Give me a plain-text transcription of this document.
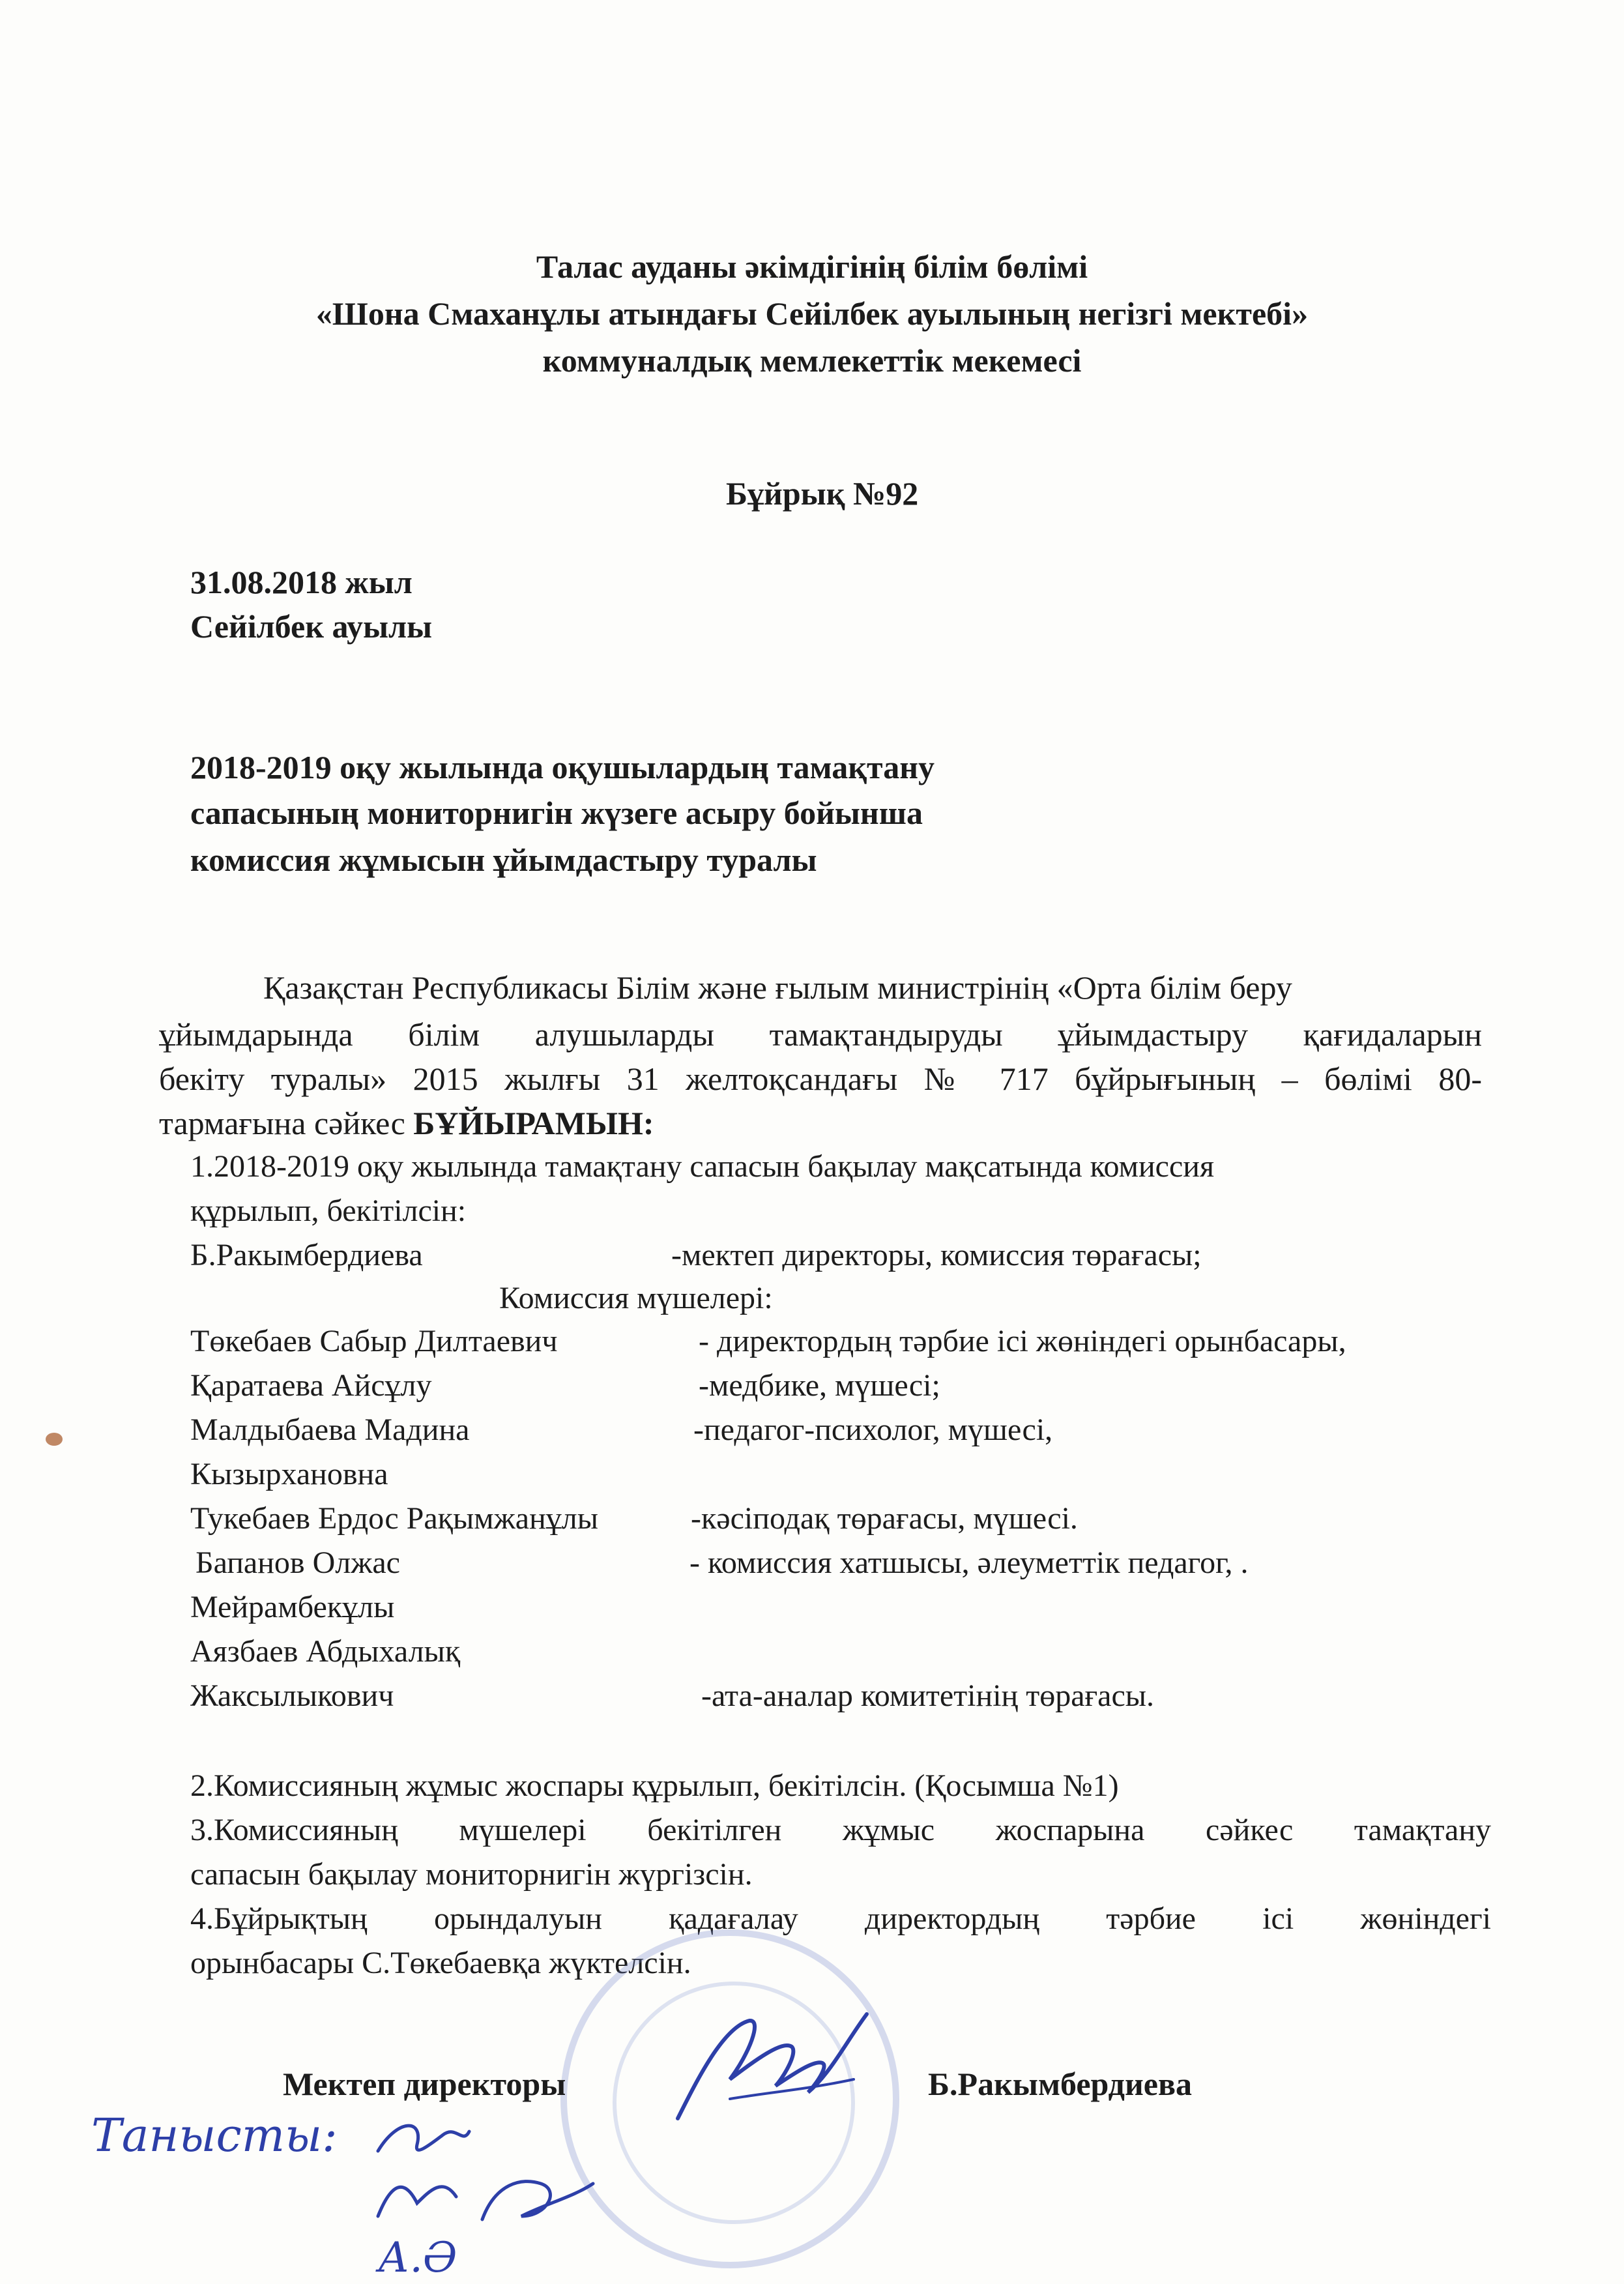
Талас ауданы әкімдігінің білім бөлімі
«Шона Смаханұлы атындағы Сейілбек ауылының негізгі мектебі»
коммуналдық мемлекеттік мекемесі
Бұйрық №92
31.08.2018 жыл
Сейілбек ауылы
2018-2019 оқу жылында оқушылардың тамақтану
сапасының мониторнигін жүзеге асыру бойынша
комиссия жұмысын ұйымдастыру туралы
Қазақстан Республикасы Білім және ғылым министрінің «Орта білім беру
ұйымдарында білім алушыларды тамақтандыруды ұйымдастыру қағидаларын
бекіту туралы» 2015 жылғы 31 желтоқсандағы № 717 бұйрығының – бөлімі 80-
тармағына сәйкес БҰЙЫРАМЫН:
1.2018-2019 оқу жылында тамақтану сапасын бақылау мақсатында комиссия
құрылып, бекітілсін:
Б.Ракымбердиева	-мектеп директоры, комиссия төрағасы;
Комиссия мүшелері:
Төкебаев Сабыр Дилтаевич	- директордың тәрбие ісі жөніндегі орынбасары,
Қаратаева Айсұлу	-медбике, мүшесі;
Малдыбаева Мадина	-педагог-психолог, мүшесі,
Кызырхановна
Тукебаев Ердос Рақымжанұлы	-кәсіподақ төрағасы, мүшесі.
Бапанов Олжас	- комиссия хатшысы, әлеуметтік педагог, .
Мейрамбекұлы
Аязбаев Абдыхалық
Жаксылыкович	-ата-аналар комитетінің төрағасы.
2.Комиссияның жұмыс жоспары құрылып, бекітілсін. (Қосымша №1)
3.Комиссияның мүшелері бекітілген жұмыс жоспарына сәйкес тамақтану
сапасын бақылау мониторнигін жүргізсін.
4.Бұйрықтың орындалуын қадағалау директордың тәрбие ісі жөніндегі
орынбасары С.Төкебаевқа жүктелсін.
Мектеп директоры	Б.Ракымбердиева
Танысты:
А.Ә
